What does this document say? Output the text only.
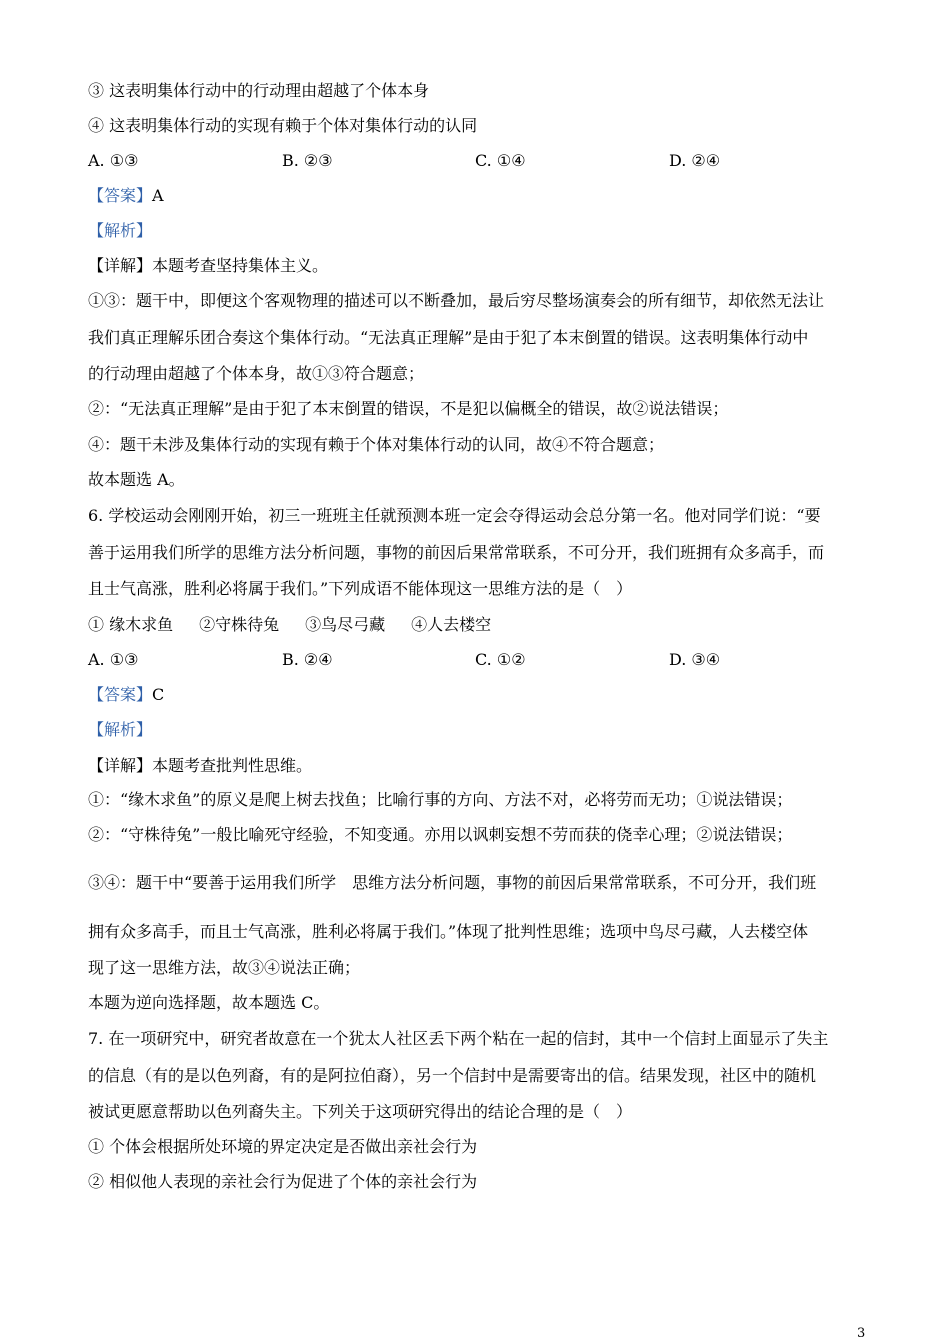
③ 这表明集体行动中的行动理由超越了个体本身
④ 这表明集体行动的实现有赖于个体对集体行动的认同
A. ①③	B. ②③	C. ①④	D. ②④
【答案】A
【解析】
【详解】本题考查坚持集体主义。
①③：题干中，即便这个客观物理的描述可以不断叠加，最后穷尽整场演奏会的所有细节，却依然无法让
我们真正理解乐团合奏这个集体行动。“无法真正理解”是由于犯了本末倒置的错误。这表明集体行动中
的行动理由超越了个体本身，故①③符合题意；
②：“无法真正理解”是由于犯了本末倒置的错误，不是犯以偏概全的错误，故②说法错误；
④：题干未涉及集体行动的实现有赖于个体对集体行动的认同，故④不符合题意；
故本题选 A。
6. 学校运动会刚刚开始，初三一班班主任就预测本班一定会夺得运动会总分第一名。他对同学们说：“要
善于运用我们所学的思维方法分析问题，事物的前因后果常常联系，不可分开，我们班拥有众多高手，而
且士气高涨，胜利必将属于我们。”下列成语不能体现这一思维方法的是（　）
① 缘木求鱼 ②守株待兔 ③鸟尽弓藏 ④人去楼空
A. ①③	B. ②④	C. ①②	D. ③④
【答案】C
【解析】
【详解】本题考查批判性思维。
①：“缘木求鱼”的原义是爬上树去找鱼；比喻行事的方向、方法不对，必将劳而无功；①说法错误；
②：“守株待兔”一般比喻死守经验，不知变通。亦用以讽刺妄想不劳而获的侥幸心理；②说法错误；
③④：题干中“要善于运用我们所学　思维方法分析问题，事物的前因后果常常联系，不可分开，我们班
拥有众多高手，而且士气高涨，胜利必将属于我们。”体现了批判性思维；选项中鸟尽弓藏，人去楼空体
现了这一思维方法，故③④说法正确；
本题为逆向选择题，故本题选 C。
7. 在一项研究中，研究者故意在一个犹太人社区丢下两个粘在一起的信封，其中一个信封上面显示了失主
的信息（有的是以色列裔，有的是阿拉伯裔），另一个信封中是需要寄出的信。结果发现，社区中的随机
被试更愿意帮助以色列裔失主。下列关于这项研究得出的结论合理的是（　）
① 个体会根据所处环境的界定决定是否做出亲社会行为
② 相似他人表现的亲社会行为促进了个体的亲社会行为
3
